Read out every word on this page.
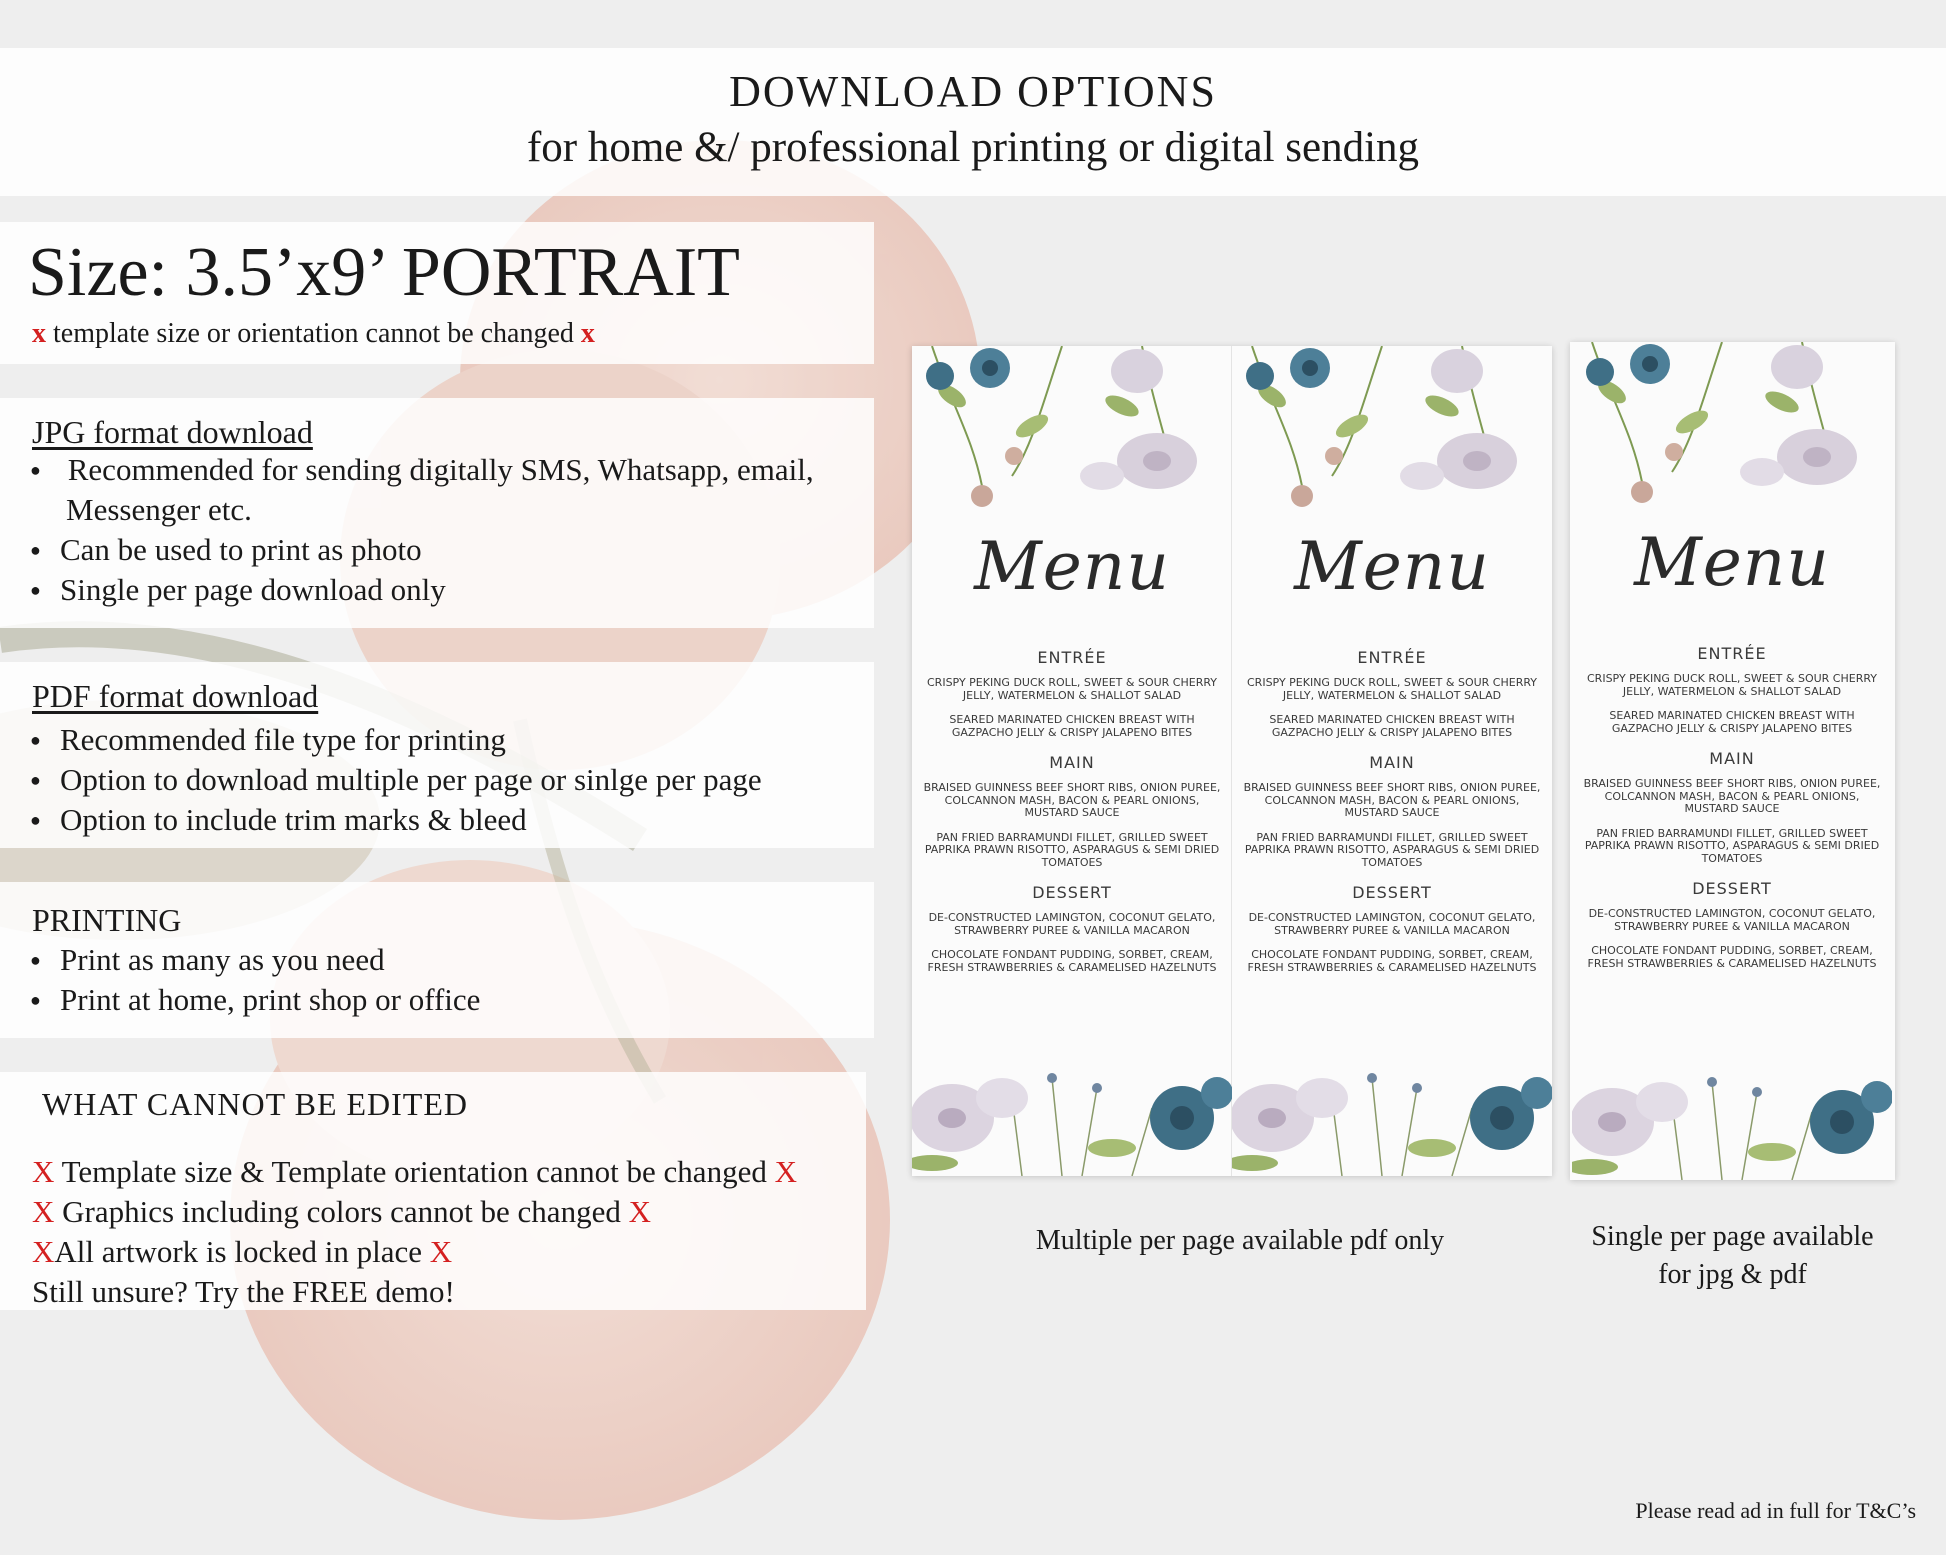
DOWNLOAD OPTIONS
for home &/ professional printing or digital sending
Size: 3.5’x9’ PORTRAIT
x template size or orientation cannot be changed x
JPG format download
● Recommended for sending digitally SMS, Whatsapp, email,
Messenger etc.
● Can be used to print as photo
● Single per page download only
PDF format download
● Recommended file type for printing
● Option to download multiple per page or sinlge per page
● Option to include trim marks & bleed
PRINTING
● Print as many as you need
● Print at home, print shop or office
WHAT CANNOT BE EDITED
X Template size & Template orientation cannot be changed X
X Graphics including colors cannot be changed X
XAll artwork is locked in place X
Still unsure? Try the FREE demo!
Menu
ENTRÉE
CRISPY PEKING DUCK ROLL, SWEET & SOUR CHERRY JELLY, WATERMELON & SHALLOT SALAD
SEARED MARINATED CHICKEN BREAST WITH GAZPACHO JELLY & CRISPY JALAPENO BITES
MAIN
BRAISED GUINNESS BEEF SHORT RIBS, ONION PUREE, COLCANNON MASH, BACON & PEARL ONIONS, MUSTARD SAUCE
PAN FRIED BARRAMUNDI FILLET, GRILLED SWEET PAPRIKA PRAWN RISOTTO, ASPARAGUS & SEMI DRIED TOMATOES
DESSERT
DE-CONSTRUCTED LAMINGTON, COCONUT GELATO, STRAWBERRY PUREE & VANILLA MACARON
CHOCOLATE FONDANT PUDDING, SORBET, CREAM, FRESH STRAWBERRIES & CARAMELISED HAZELNUTS
Menu
ENTRÉE
CRISPY PEKING DUCK ROLL, SWEET & SOUR CHERRY JELLY, WATERMELON & SHALLOT SALAD
SEARED MARINATED CHICKEN BREAST WITH GAZPACHO JELLY & CRISPY JALAPENO BITES
MAIN
BRAISED GUINNESS BEEF SHORT RIBS, ONION PUREE, COLCANNON MASH, BACON & PEARL ONIONS, MUSTARD SAUCE
PAN FRIED BARRAMUNDI FILLET, GRILLED SWEET PAPRIKA PRAWN RISOTTO, ASPARAGUS & SEMI DRIED TOMATOES
DESSERT
DE-CONSTRUCTED LAMINGTON, COCONUT GELATO, STRAWBERRY PUREE & VANILLA MACARON
CHOCOLATE FONDANT PUDDING, SORBET, CREAM, FRESH STRAWBERRIES & CARAMELISED HAZELNUTS
Menu
ENTRÉE
CRISPY PEKING DUCK ROLL, SWEET & SOUR CHERRY JELLY, WATERMELON & SHALLOT SALAD
SEARED MARINATED CHICKEN BREAST WITH GAZPACHO JELLY & CRISPY JALAPENO BITES
MAIN
BRAISED GUINNESS BEEF SHORT RIBS, ONION PUREE, COLCANNON MASH, BACON & PEARL ONIONS, MUSTARD SAUCE
PAN FRIED BARRAMUNDI FILLET, GRILLED SWEET PAPRIKA PRAWN RISOTTO, ASPARAGUS & SEMI DRIED TOMATOES
DESSERT
DE-CONSTRUCTED LAMINGTON, COCONUT GELATO, STRAWBERRY PUREE & VANILLA MACARON
CHOCOLATE FONDANT PUDDING, SORBET, CREAM, FRESH STRAWBERRIES & CARAMELISED HAZELNUTS
Multiple per page available pdf only	Single per page available
for jpg & pdf
Please read ad in full for T&C’s
